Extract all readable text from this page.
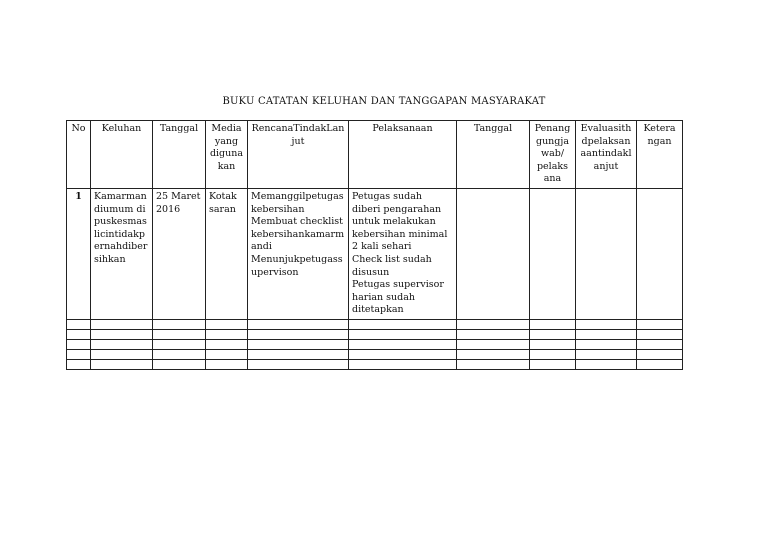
BUKU CATATAN KELUHAN DAN TANGGAPAN MASYARAKAT
No	Keluhan	Tanggal	Media yang diguna kan	RencanaTindakLan jut	Pelaksanaan	Tanggal	Penang gungja wab/ pelaks ana	Evaluasith dpelaksan aantindakl anjut	Ketera ngan
1	Kamarman diumum di puskesmas licintidakp ernahdiber sihkan	25 Maret 2016	Kotak saran	Memanggilpetugas kebersihan
Membuat checklist kebersihankamarm andi
Menunjukpetugass upervison	Petugas sudah diberi pengarahan untuk melakukan kebersihan minimal 2 kali sehari
Check list sudah disusun
Petugas supervisor harian sudah ditetapkan				
